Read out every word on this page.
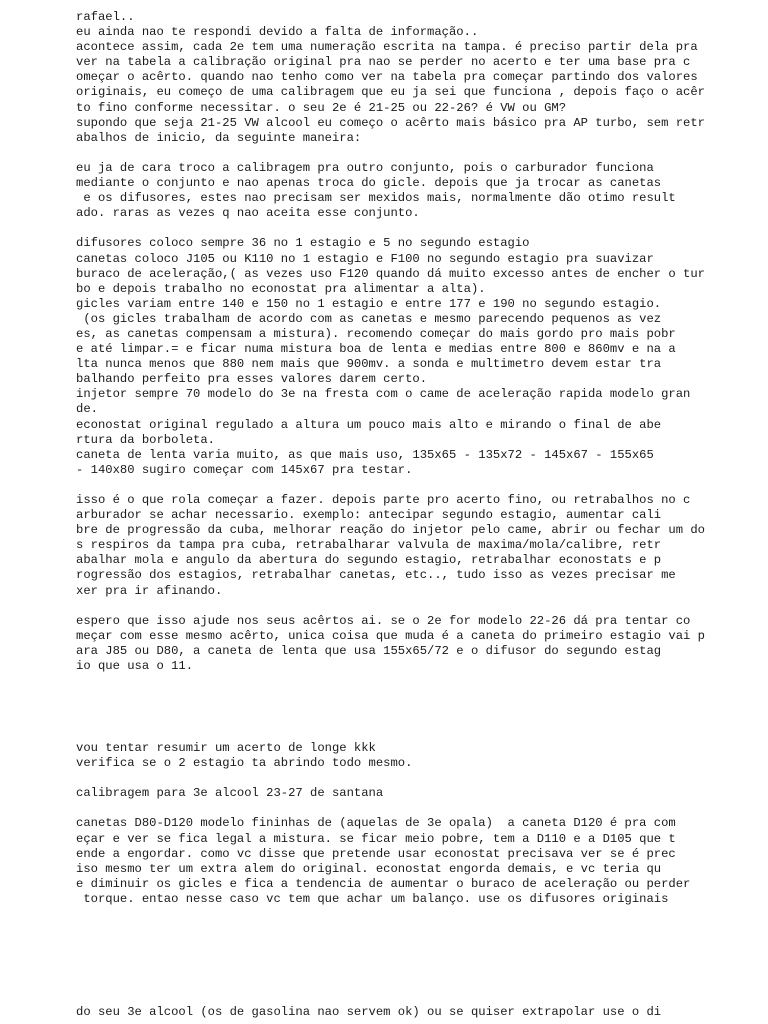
rafael..
eu ainda nao te respondi devido a falta de informação..
acontece assim, cada 2e tem uma numeração escrita na tampa. é preciso partir dela pra
ver na tabela a calibração original pra nao se perder no acerto e ter uma base pra c
omeçar o acêrto. quando nao tenho como ver na tabela pra começar partindo dos valores
originais, eu começo de uma calibragem que eu ja sei que funciona , depois faço o acêr
to fino conforme necessitar. o seu 2e é 21-25 ou 22-26? é VW ou GM?
supondo que seja 21-25 VW alcool eu começo o acêrto mais básico pra AP turbo, sem retr
abalhos de inicio, da seguinte maneira:
eu ja de cara troco a calibragem pra outro conjunto, pois o carburador funciona
mediante o conjunto e nao apenas troca do gicle. depois que ja trocar as canetas
e os difusores, estes nao precisam ser mexidos mais, normalmente dão otimo result
ado. raras as vezes q nao aceita esse conjunto.
difusores coloco sempre 36 no 1 estagio e 5 no segundo estagio
canetas coloco J105 ou K110 no 1 estagio e F100 no segundo estagio pra suavizar
buraco de aceleração,( as vezes uso F120 quando dá muito excesso antes de encher o tur
bo e depois trabalho no econostat pra alimentar a alta).
gicles variam entre 140 e 150 no 1 estagio e entre 177 e 190 no segundo estagio.
(os gicles trabalham de acordo com as canetas e mesmo parecendo pequenos as vez
es, as canetas compensam a mistura). recomendo começar do mais gordo pro mais pobr
e até limpar.= e ficar numa mistura boa de lenta e medias entre 800 e 860mv e na a
lta nunca menos que 880 nem mais que 900mv. a sonda e multimetro devem estar tra
balhando perfeito pra esses valores darem certo.
injetor sempre 70 modelo do 3e na fresta com o came de aceleração rapida modelo gran
de.
econostat original regulado a altura um pouco mais alto e mirando o final de abe
rtura da borboleta.
caneta de lenta varia muito, as que mais uso, 135x65 - 135x72 - 145x67 - 155x65
- 140x80 sugiro começar com 145x67 pra testar.
isso é o que rola começar a fazer. depois parte pro acerto fino, ou retrabalhos no c
arburador se achar necessario. exemplo: antecipar segundo estagio, aumentar cali
bre de progressão da cuba, melhorar reação do injetor pelo came, abrir ou fechar um do
s respiros da tampa pra cuba, retrabalharar valvula de maxima/mola/calibre, retr
abalhar mola e angulo da abertura do segundo estagio, retrabalhar econostats e p
rogressão dos estagios, retrabalhar canetas, etc.., tudo isso as vezes precisar me
xer pra ir afinando.
espero que isso ajude nos seus acêrtos ai. se o 2e for modelo 22-26 dá pra tentar co
meçar com esse mesmo acêrto, unica coisa que muda é a caneta do primeiro estagio vai p
ara J85 ou D80, a caneta de lenta que usa 155x65/72 e o difusor do segundo estag
io que usa o 11.
vou tentar resumir um acerto de longe kkk
verifica se o 2 estagio ta abrindo todo mesmo.
calibragem para 3e alcool 23-27 de santana
canetas D80-D120 modelo fininhas de (aquelas de 3e opala)  a caneta D120 é pra com
eçar e ver se fica legal a mistura. se ficar meio pobre, tem a D110 e a D105 que t
ende a engordar. como vc disse que pretende usar econostat precisava ver se é prec
iso mesmo ter um extra alem do original. econostat engorda demais, e vc teria qu
e diminuir os gicles e fica a tendencia de aumentar o buraco de aceleração ou perder
torque. entao nesse caso vc tem que achar um balanço. use os difusores originais
do seu 3e alcool (os de gasolina nao servem ok) ou se quiser extrapolar use o di
